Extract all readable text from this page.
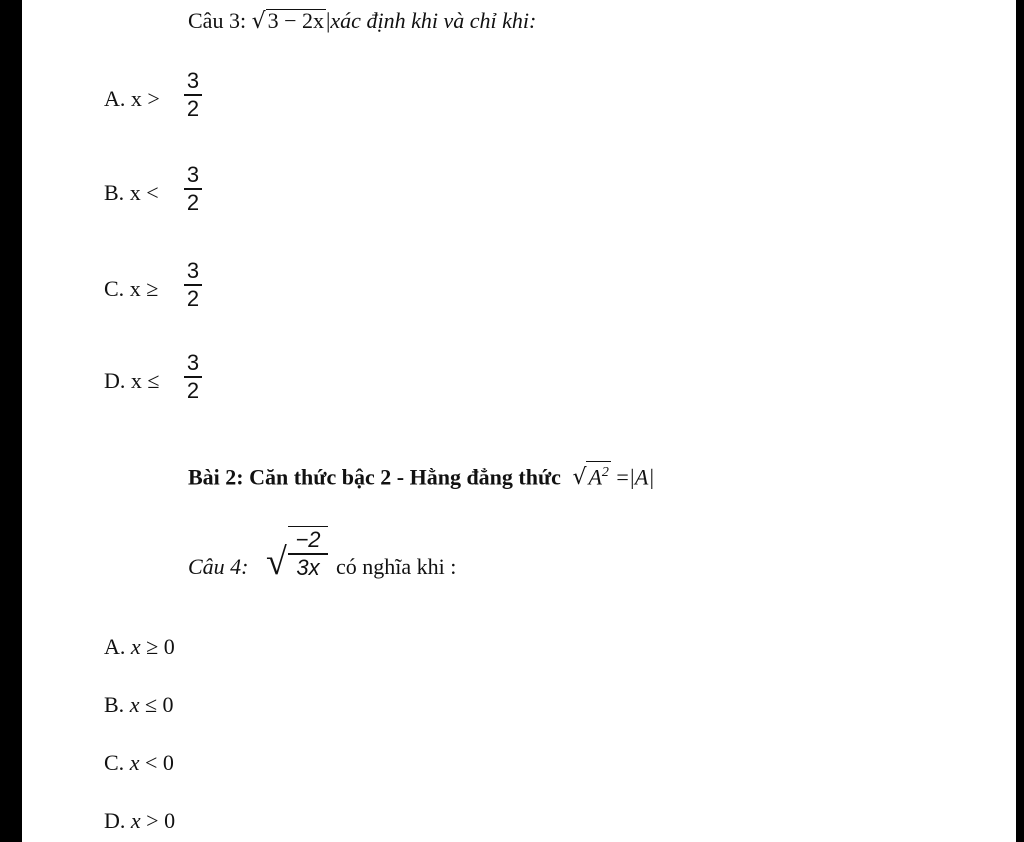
Câu 3: √3 − 2x|xác định khi và chỉ khi:
A. x >
3
2
B. x <
3
2
C. x ≥
3
2
D. x ≤
3
2
Bài 2: Căn thức bậc 2 - Hằng đẳng thức $√A^2 =|A|$
Câu 4: √
−2
3x có nghĩa khi :
A. x ≥ 0
B. x ≤ 0
C. x < 0
D. x > 0
